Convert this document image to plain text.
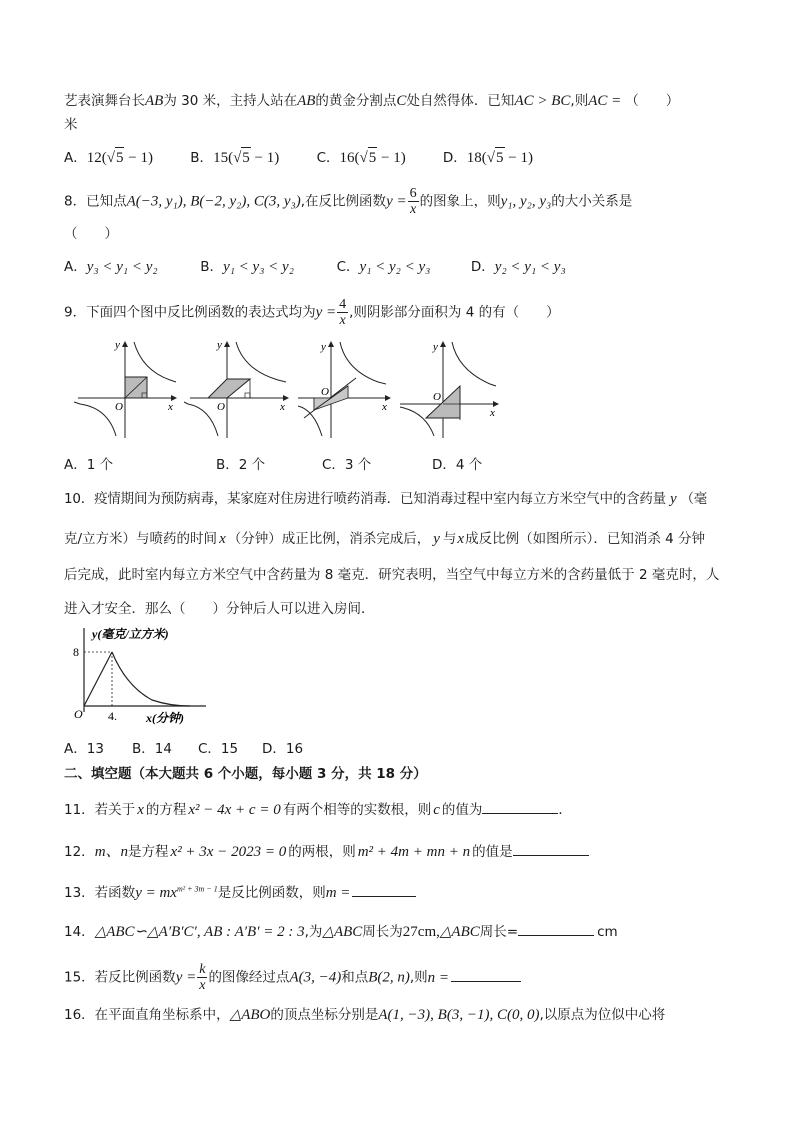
艺表演舞台长AB为 30 米，主持人站在AB的黄金分割点C处自然得体．已知AC > BC,则AC = （　　）
米
A．12(√5 − 1)	B．15(√5 − 1)	C．16(√5 − 1)	D．18(√5 − 1)
8．已知点A(−3, y₁), B(−2, y₂), C(3, y₃),在反比例函数$y = \frac{6}{x}$ 的图象上，则y₁, y₂, y₃的大小关系是
（　　）
A．y₃ < y₁ < y₂	B．y₁ < y₃ < y₂	C．y₁ < y₂ < y₃	D．y₂ < y₁ < y₃
9．下面四个图中反比例函数的表达式均为$y = \frac{4}{x}$ ,则阴影部分面积为 4 的有（　　）
y
x
O
y
x
O
y
x
O
y
x
O
A．1 个	B．2 个	C．3 个	D．4 个
10．疫情期间为预防病毒，某家庭对住房进行喷药消毒．已知消毒过程中室内每立方米空气中的含药量 y （毫
克/立方米）与喷药的时间 x （分钟）成正比例，消杀完成后， y 与x成反比例（如图所示）．已知消杀 4 分钟
后完成，此时室内每立方米空气中含药量为 8 毫克．研究表明，当空气中每立方米的含药量低于 2 毫克时，人
进入才安全．那么（　　）分钟后人可以进入房间．
y(毫克/立方米)
8
O 4. x(分钟)
A．13 B．14 C．15 D．16
二、填空题（本大题共 6 个小题，每小题 3 分，共 18 分）
11．若关于 x 的方程 x² − 4x + c = 0 有两个相等的实数根，则 c 的值为	．
12．m、n是方程 x² + 3x − 2023 = 0 的两根，则 m² + 4m + mn + n 的值是
13．若函数$y = mx^{m^2 + 3m - 1}$是反比例函数，则m =
14．△ABC∽△A′B′C′, AB : A′B′ = 2 : 3,为△ABC周长为27cm,△ABC周长=	cm
15．若反比例函数$y = \frac{k}{x}$ 的图像经过点A(3, −4)和点B(2, n),则n =
16．在平面直角坐标系中，△ABO的顶点坐标分别是A(1, −3), B(3, −1), C(0, 0),以原点为位似中心将
